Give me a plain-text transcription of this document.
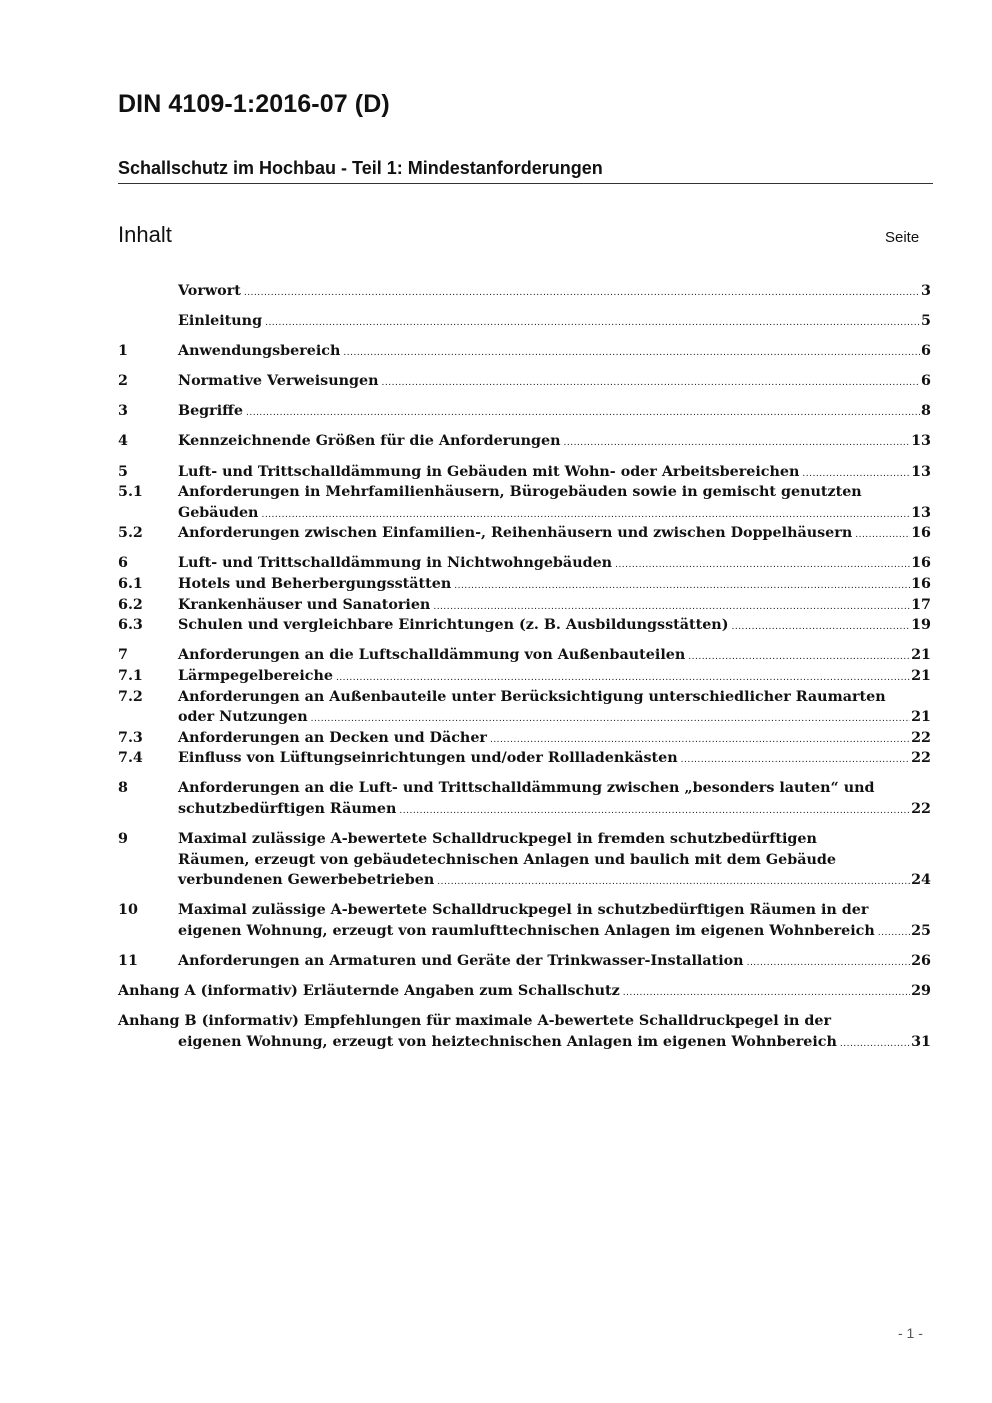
DIN 4109-1:2016-07 (D)
Schallschutz im Hochbau - Teil 1: Mindestanforderungen
Inhalt	Seite
Vorwort .....	3
Einleitung .....	5
1	Anwendungsbereich .....	6
2	Normative Verweisungen .....	6
3	Begriffe .....	8
4	Kennzeichnende Größen für die Anforderungen .....	13
5	Luft- und Trittschalldämmung in Gebäuden mit Wohn- oder Arbeitsbereichen .....	13
5.1 Anforderungen in Mehrfamilienhäusern, Bürogebäuden sowie in gemischt genutzten
Gebäuden .....	13
5.2 Anforderungen zwischen Einfamilien-, Reihenhäusern und zwischen Doppelhäusern .....	16
6	Luft- und Trittschalldämmung in Nichtwohngebäuden .....	16
6.1 Hotels und Beherbergungsstätten .....	16
6.2 Krankenhäuser und Sanatorien .....	17
6.3 Schulen und vergleichbare Einrichtungen (z. B. Ausbildungsstätten) .....	19
7	Anforderungen an die Luftschalldämmung von Außenbauteilen .....	21
7.1 Lärmpegelbereiche .....	21
7.2 Anforderungen an Außenbauteile unter Berücksichtigung unterschiedlicher Raumarten
oder Nutzungen .....	21
7.3 Anforderungen an Decken und Dächer .....	22
7.4 Einfluss von Lüftungseinrichtungen und/oder Rollladenkästen .....	22
8	Anforderungen an die Luft- und Trittschalldämmung zwischen „besonders lauten“ und
schutzbedürftigen Räumen .....	22
9	Maximal zulässige A-bewertete Schalldruckpegel in fremden schutzbedürftigen
Räumen, erzeugt von gebäudetechnischen Anlagen und baulich mit dem Gebäude
verbundenen Gewerbebetrieben .....	24
10	Maximal zulässige A-bewertete Schalldruckpegel in schutzbedürftigen Räumen in der
eigenen Wohnung, erzeugt von raumlufttechnischen Anlagen im eigenen Wohnbereich .....	25
11	Anforderungen an Armaturen und Geräte der Trinkwasser-Installation .....	26
Anhang A (informativ) Erläuternde Angaben zum Schallschutz .....	29
Anhang B (informativ) Empfehlungen für maximale A-bewertete Schalldruckpegel in der
eigenen Wohnung, erzeugt von heiztechnischen Anlagen im eigenen Wohnbereich .....	31
- 1 -
